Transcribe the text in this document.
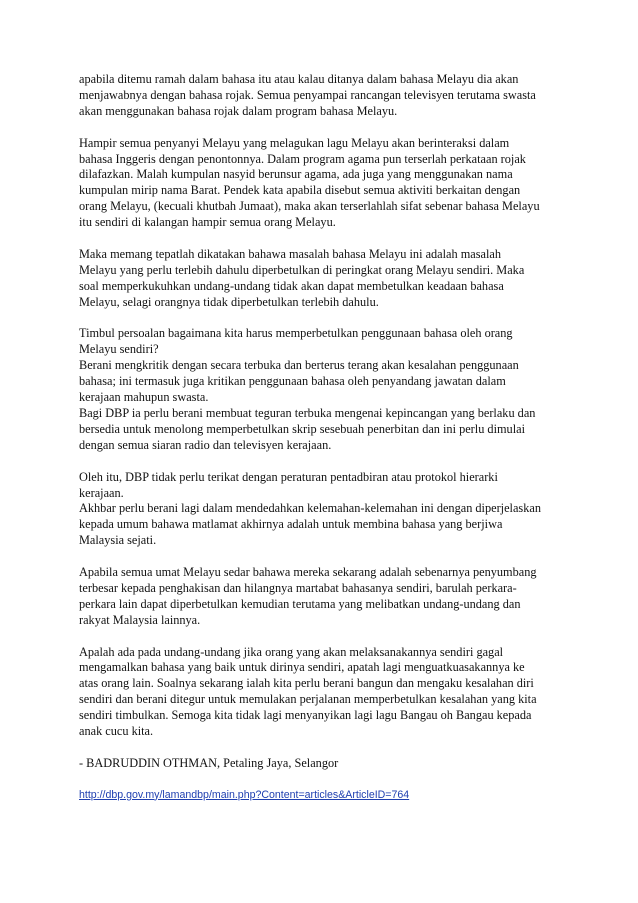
apabila ditemu ramah dalam bahasa itu atau kalau ditanya dalam bahasa Melayu dia akan
menjawabnya dengan bahasa rojak. Semua penyampai rancangan televisyen terutama swasta
akan menggunakan bahasa rojak dalam program bahasa Melayu.

Hampir semua penyanyi Melayu yang melagukan lagu Melayu akan berinteraksi dalam
bahasa Inggeris dengan penontonnya. Dalam program agama pun terserlah perkataan rojak
dilafazkan. Malah kumpulan nasyid berunsur agama, ada juga yang menggunakan nama
kumpulan mirip nama Barat. Pendek kata apabila disebut semua aktiviti berkaitan dengan
orang Melayu, (kecuali khutbah Jumaat), maka akan terserlahlah sifat sebenar bahasa Melayu
itu sendiri di kalangan hampir semua orang Melayu.

Maka memang tepatlah dikatakan bahawa masalah bahasa Melayu ini adalah masalah
Melayu yang perlu terlebih dahulu diperbetulkan di peringkat orang Melayu sendiri. Maka
soal memperkukuhkan undang-undang tidak akan dapat membetulkan keadaan bahasa
Melayu, selagi orangnya tidak diperbetulkan terlebih dahulu.

Timbul persoalan bagaimana kita harus memperbetulkan penggunaan bahasa oleh orang
Melayu sendiri?
Berani mengkritik dengan secara terbuka dan berterus terang akan kesalahan penggunaan
bahasa; ini termasuk juga kritikan penggunaan bahasa oleh penyandang jawatan dalam
kerajaan mahupun swasta.
Bagi DBP ia perlu berani membuat teguran terbuka mengenai kepincangan yang berlaku dan
bersedia untuk menolong memperbetulkan skrip sesebuah penerbitan dan ini perlu dimulai
dengan semua siaran radio dan televisyen kerajaan.

Oleh itu, DBP tidak perlu terikat dengan peraturan pentadbiran atau protokol hierarki
kerajaan.
Akhbar perlu berani lagi dalam mendedahkan kelemahan-kelemahan ini dengan diperjelaskan
kepada umum bahawa matlamat akhirnya adalah untuk membina bahasa yang berjiwa
Malaysia sejati.

Apabila semua umat Melayu sedar bahawa mereka sekarang adalah sebenarnya penyumbang
terbesar kepada penghakisan dan hilangnya martabat bahasanya sendiri, barulah perkara-
perkara lain dapat diperbetulkan kemudian terutama yang melibatkan undang-undang dan
rakyat Malaysia lainnya.

Apalah ada pada undang-undang jika orang yang akan melaksanakannya sendiri gagal
mengamalkan bahasa yang baik untuk dirinya sendiri, apatah lagi menguatkuasakannya ke
atas orang lain. Soalnya sekarang ialah kita perlu berani bangun dan mengaku kesalahan diri
sendiri dan berani ditegur untuk memulakan perjalanan memperbetulkan kesalahan yang kita
sendiri timbulkan. Semoga kita tidak lagi menyanyikan lagi lagu Bangau oh Bangau kepada
anak cucu kita.

- BADRUDDIN OTHMAN, Petaling Jaya, Selangor

http://dbp.gov.my/lamandbp/main.php?Content=articles&ArticleID=764
